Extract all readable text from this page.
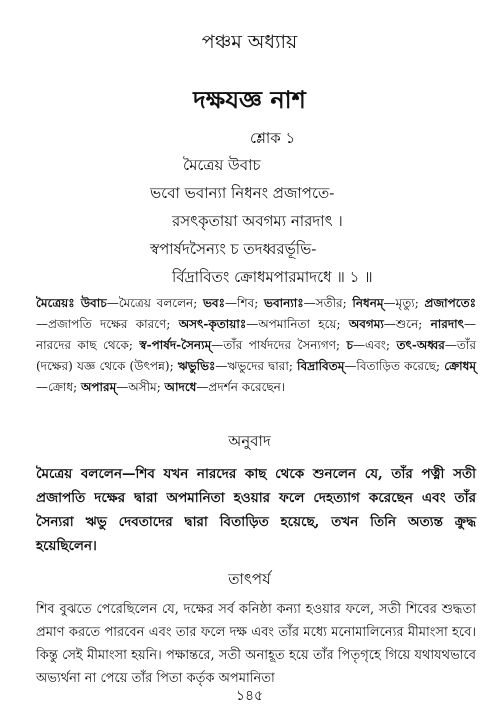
পঞ্চম অধ্যায়
দক্ষযজ্ঞ নাশ
শ্লোক ১
মৈত্রেয় উবাচ
ভবো ভবান্যা নিধনং প্রজাপতে-
রসৎকৃতায়া অবগম্য নারদাৎ ।
স্বপার্ষদসৈন্যং চ তদধ্বরর্ভূভি-
র্বিদ্রাবিতং ক্রোধমপারমাদধে ॥ ১ ॥
মৈত্রেয়ঃ উবাচ—মৈত্রেয় বললেন; ভবঃ—শিব; ভবান্যাঃ—সতীর; নিধনম্—মৃত্যু; প্রজাপতেঃ—প্রজাপতি দক্ষের কারণে; অসৎ-কৃতায়াঃ—অপমানিতা হয়ে; অবগম্য—শুনে; নারদাৎ—নারদের কাছ থেকে; স্ব-পার্ষদ-সৈন্যম্—তাঁর পার্ষদদের সৈন্যগণ; চ—এবং; তৎ-অধ্বর—তাঁর (দক্ষের) যজ্ঞ থেকে (উৎপন্ন); ঋভুভিঃ—ঋভুদের দ্বারা; বিদ্রাবিতম্—বিতাড়িত করেছে; ক্রোধম্—ক্রোধ; অপারম্—অসীম; আদধে—প্রদর্শন করেছেন।
অনুবাদ
মৈত্রেয় বললেন—শিব যখন নারদের কাছ থেকে শুনলেন যে, তাঁর পত্নী সতী প্রজাপতি দক্ষের দ্বারা অপমানিতা হওয়ার ফলে দেহত্যাগ করেছেন এবং তাঁর সৈন্যরা ঋভু দেবতাদের দ্বারা বিতাড়িত হয়েছে, তখন তিনি অত্যন্ত ক্রুদ্ধ হয়েছিলেন।
তাৎপর্য
শিব বুঝতে পেরেছিলেন যে, দক্ষের সর্ব কনিষ্ঠা কন্যা হওয়ার ফলে, সতী শিবের শুদ্ধতা প্রমাণ করতে পারবেন এবং তার ফলে দক্ষ এবং তাঁর মধ্যে মনোমালিন্যের মীমাংসা হবে। কিন্তু সেই মীমাংসা হয়নি। পক্ষান্তরে, সতী অনাহূত হয়ে তাঁর পিতৃগৃহে গিয়ে যথাযথভাবে অভ্যর্থনা না পেয়ে তাঁর পিতা কর্তৃক অপমানিতা
১৪৫
